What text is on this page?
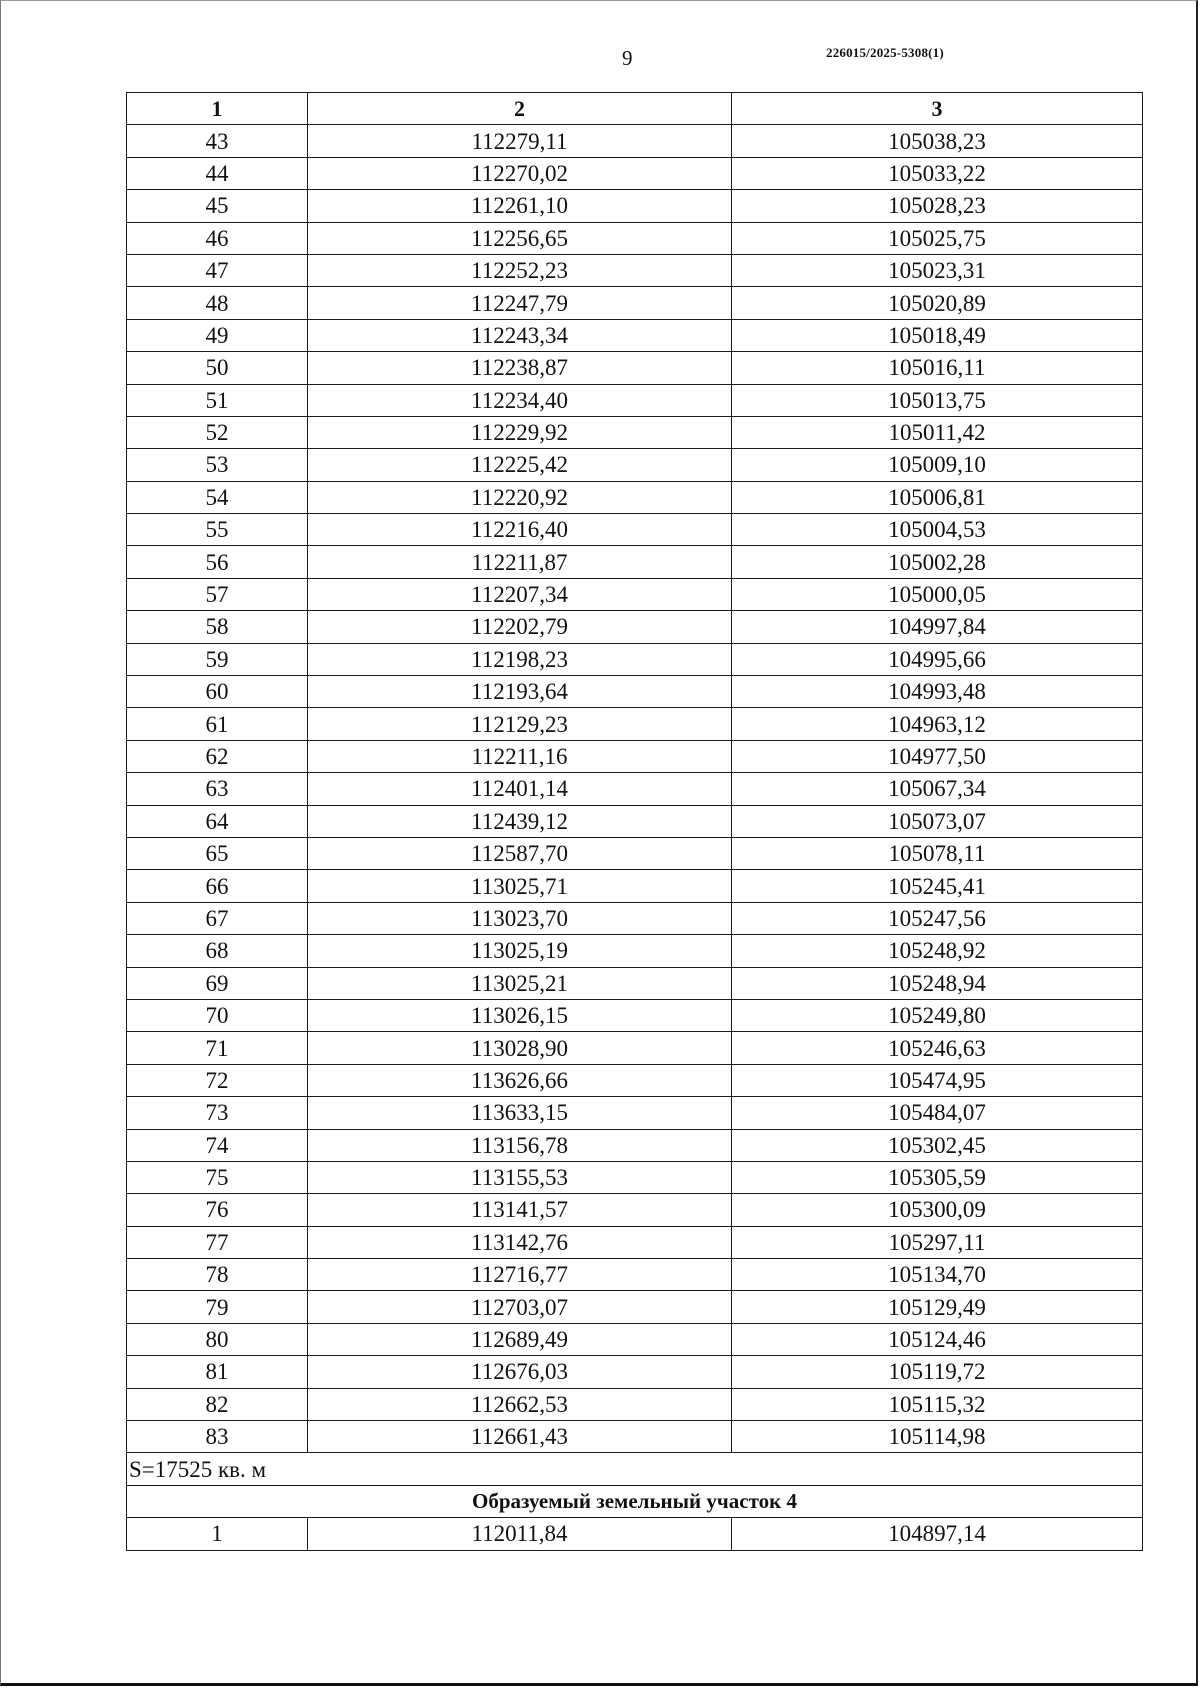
9	226015/2025-5308(1)
1	2	3
43	112279,11	105038,23
44	112270,02	105033,22
45	112261,10	105028,23
46	112256,65	105025,75
47	112252,23	105023,31
48	112247,79	105020,89
49	112243,34	105018,49
50	112238,87	105016,11
51	112234,40	105013,75
52	112229,92	105011,42
53	112225,42	105009,10
54	112220,92	105006,81
55	112216,40	105004,53
56	112211,87	105002,28
57	112207,34	105000,05
58	112202,79	104997,84
59	112198,23	104995,66
60	112193,64	104993,48
61	112129,23	104963,12
62	112211,16	104977,50
63	112401,14	105067,34
64	112439,12	105073,07
65	112587,70	105078,11
66	113025,71	105245,41
67	113023,70	105247,56
68	113025,19	105248,92
69	113025,21	105248,94
70	113026,15	105249,80
71	113028,90	105246,63
72	113626,66	105474,95
73	113633,15	105484,07
74	113156,78	105302,45
75	113155,53	105305,59
76	113141,57	105300,09
77	113142,76	105297,11
78	112716,77	105134,70
79	112703,07	105129,49
80	112689,49	105124,46
81	112676,03	105119,72
82	112662,53	105115,32
83	112661,43	105114,98
S=17525 кв. м		
Образуемый земельный участок 4		
1	112011,84	104897,14
